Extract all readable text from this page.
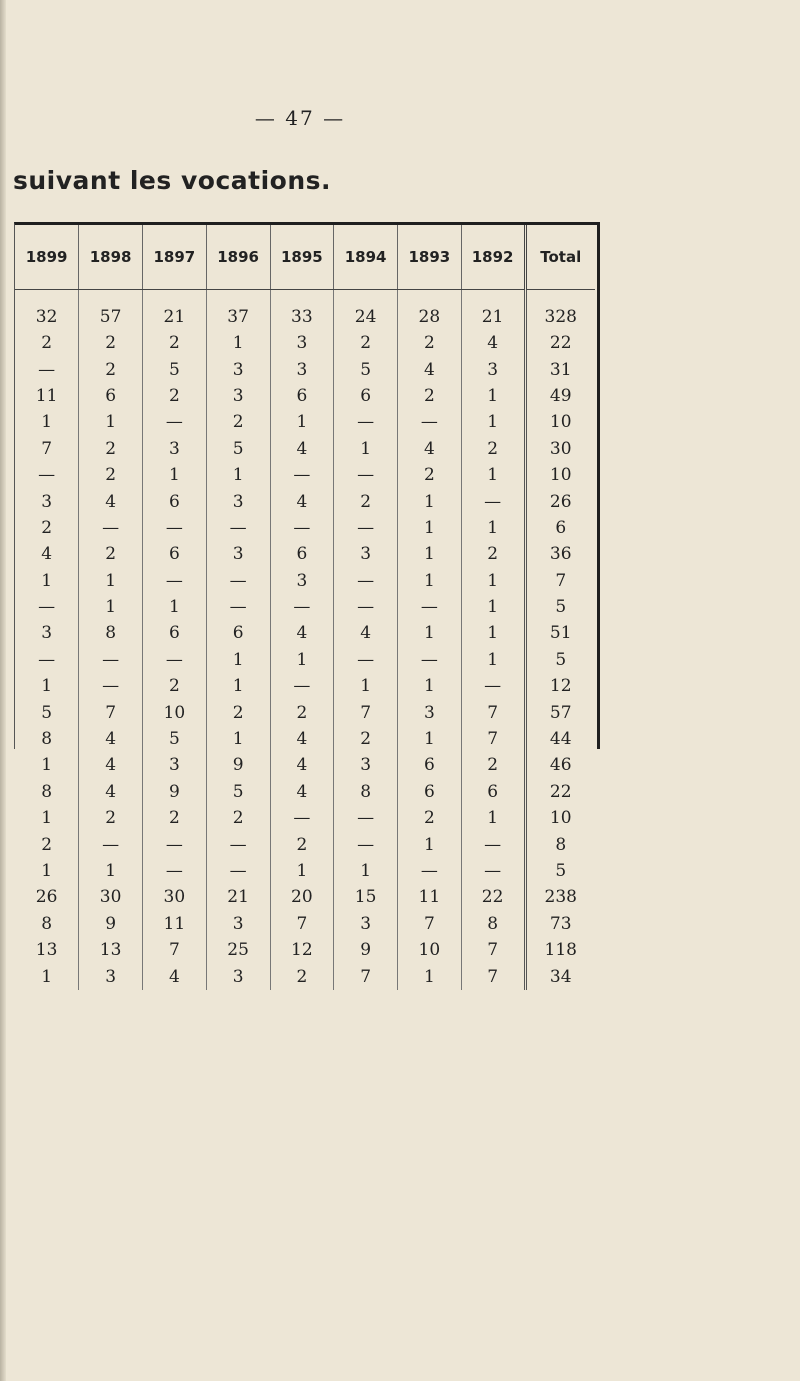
— 47 —
suivant les vocations.
1899	1898	1897	1896	1895	1894	1893	1892	Total
32	57	21	37	33	24	28	21	328
2	2	2	1	3	2	2	4	22
—	2	5	3	3	5	4	3	31
11	6	2	3	6	6	2	1	49
1	1	—	2	1	—	—	1	10
7	2	3	5	4	1	4	2	30
—	2	1	1	—	—	2	1	10
3	4	6	3	4	2	1	—	26
2	—	—	—	—	—	1	1	6
4	2	6	3	6	3	1	2	36
1	1	—	—	3	—	1	1	7
—	1	1	—	—	—	—	1	5
3	8	6	6	4	4	1	1	51
—	—	—	1	1	—	—	1	5
1	—	2	1	—	1	1	—	12
5	7	10	2	2	7	3	7	57
8	4	5	1	4	2	1	7	44
1	4	3	9	4	3	6	2	46
8	4	9	5	4	8	6	6	22
1	2	2	2	—	—	2	1	10
2	—	—	—	2	—	1	—	8
1	1	—	—	1	1	—	—	5
26	30	30	21	20	15	11	22	238
8	9	11	3	7	3	7	8	73
13	13	7	25	12	9	10	7	118
1	3	4	3	2	7	1	7	34
